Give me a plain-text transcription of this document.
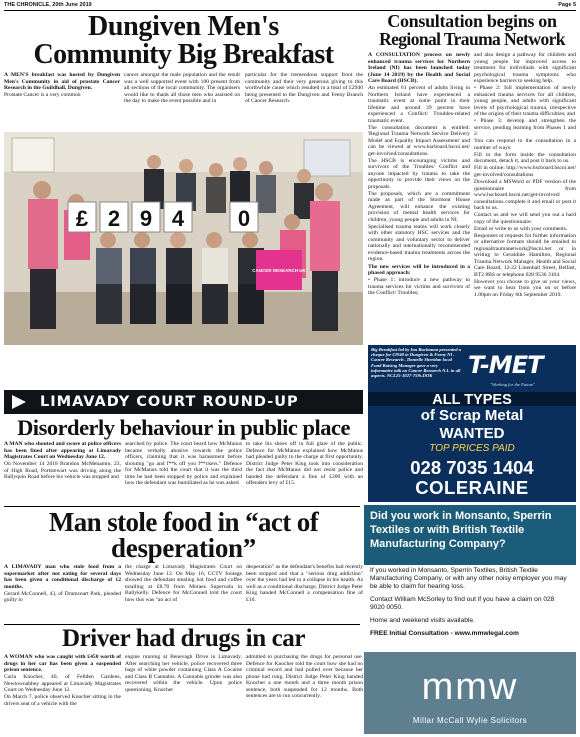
THE CHRONICLE, 20th June 2019	Page 5
Dungiven Men's
Community Big Breakfast

A MEN'S breakfast was hosted by Dungiven Men's Community in aid of prostate Cancer Research in the Guildhall, Dungiven.

Prostate Cancer is a very common

cancer amongst the male population and the result was a well supported event with 100 present from all sections of the local community. The organisers would like to thank all those men who assisted on the day to make the event possible and in
particular for the tremendous support front the community and their very generous giving to this worthwhile cause which resulted in a total of £2940 being presented to the Dungiven and Feeny Branch of Cancer Research.
CANCER RESEARCH UK
£ 2 9 4 0
Consultation begins on
Regional Trauma Network

A CONSULTATION process on newly enhanced trauma services for Northern Ireland (NI) has been launched today (June 14 2019) by the Health and Social Care Board (HSCB).

An estimated 61 percent of adults living in Northern Ireland have experienced a traumatic event at some point in their lifetime and around 39 percent have experienced a Conflict/ Troubles-related traumatic event.

The consultation document is entitled: 'Regional Trauma Network Service Delivery Model and Equality Impact Assessment' and can be viewed at www.hscboard.hscni.net/ get-involved/consultations.

The HSCB is encouraging victims and survivors of the Troubles/ Conflict and anyone impacted by trauma to take the opportunity to provide their views on the proposals.

The proposals, which are a commitment made as part of the Stormont House Agreement, will enhance the existing provision of mental health services for children, young people and adults in NI.

Specialised trauma teams will work closely with other statutory HSC services and the community and voluntary sector to deliver nationally and internationally recommended evidence-based trauma treatments across the region.

The new services will be introduced in a phased approach:

• Phase 1: introduce a new pathway to trauma services for victims and survivors of the Conflict/ Troubles;

and also design a pathway for children and young people for improved access to treatment for individuals with significant psychological trauma symptoms who experience barriers to seeking help.

• Phase 2: full implementation of newly enhanced trauma services for all children, young people, and adults with significant levels of psychological trauma, irrespective of the origins of their trauma difficulties; and

• Phase 3: develop and strengthen the service, pending learning from Phases 1 and 2.

You can respond to the consultation in a number of ways:

Fill in the form inside the consultation document, detach it, and post it back to us.

Fill in online: http://www.hscboard.hscni.net/ get-involved/consultations

Download a MSWord or PDF version of the questionnaire from www.hscboard.hscni.net/get-involved/ consultations complete it and email or post it back to us.

Contact us and we will send you out a hard copy of the questionnaire.

Email or write to us with your comments.

Responses or requests for further information or alternative formats should be emailed to regionaltraumanetwork@hscni.net or in writing to Geraldine Hamilton, Regional Trauma Network Manager, Health and Social Care Board, 12-22 Linenhall Street, Belfast, BT2 8BS or telephone 028 9536 3104.

However you choose to give us your views, we want to hear from you on or before 1.00pm on Friday 6th September 2019.

LIMAVADY COURT ROUND-UP
Disorderly behaviour in public place

A MAN who shouted and swore at police officers has been fined after appearing at Limavady Magistrates Court on Wednesday June 12.

On November 14 2018 Brandon McMenamin, 23, of High Road, Portstewart was driving along the Ballyquin Road before his vehicle was stopped and

searched by police. The court heard how McManus became verbally abusive towards the police officers, claiming that it was harassment before shouting "go and f**k off you f**ckers." Defence for McManus told the court that it was the third time he had been stopped by police and explained how the defendant was humiliated as he was asked
to take his shoes off in full glare of the public. Defence for McManus explained how McManus had pleaded guilty to the charge at first opportunity. District Judge Peter King took into consideration the fact that McManus did not resist police and handed the defendant a fine of £200 with an offenders levy of £15.
Man stole food in “act of
desperation”

A LIMAVADY man who stole food from a supermarket after not eating for several days has been given a conditional discharge of 12 months.

Gerard McConnell, 43, of Drumceart Park, pleaded guilty to

the charge at Limavady Magistrates Court on Wednesday June 12. On May 16, CCTV footage showed the defendant stealing hot food and coffee totalling at £8.70 from Moraes Supervalu in Ballykelly. Defence for McConnell told the court how this was "an act of
desperation" as the defendant's benefits had recently been stopped and that a "serious drug addiction" over the years had led to a collapse in his health. As well as a conditional discharge, District Judge Peter King handed McConnell a compensation fine of £10.
Driver had drugs in car

A WOMAN who was caught with £450 worth of drugs in her car has been given a suspended prison sentence.

Carla Knocher, 40, of Fellden Gardens, Newtownabbey appeared at Limavady Magistrates Court on Wednesday June 12.

On March 7, police observed Knocher sitting in the drivers seat of a vehicle with the

engine running at Benevagh Drive in Limavady. After searching her vehicle, police recovered three bags of white powder containing Class A Cocaine and Class B Cannabis. A Cannabis grinder was also recovered within the vehicle. Upon police questioning, Knocher
admitted to purchasing the drugs for personal use. Defence for Knocher told the court how she had no criminal record and had pulled over because her phone had rung. District Judge Peter King handed Knocher a one month and a three month prison sentence, both suspended for 12 months. Both sentences are to run concurrently.
Big Breakfast led by Ian Buchanan presented a cheque for £2940 to Dungiven & Feeny NI . Cancer Research . Danielle Sheridan local Fund Raising Manager gave a very informative talk on Cancer Research N.I. in all aspects. NCL25-3027-759s.DOK	T-MET
"Working for the Future"
ALL TYPES
of Scrap Metal
WANTED
TOP PRICES PAID
028 7035 1404
COLERAINE
Did you work in Monsanto, Sperrin Textiles or with British Textile Manufacturing Company?

If you worked in Monsanto, Sperrin Textiles, British Textile Manufacturing Company, or with any other noisy employer you may be able to claim for hearing loss.

Contact William McSorley to find out if you have a claim on 028 9020 0050.

Home and weekend visits available.

FREE Initial Consultation - www.mmwlegal.com

mmw
Millar McCall Wylie Solicitors
